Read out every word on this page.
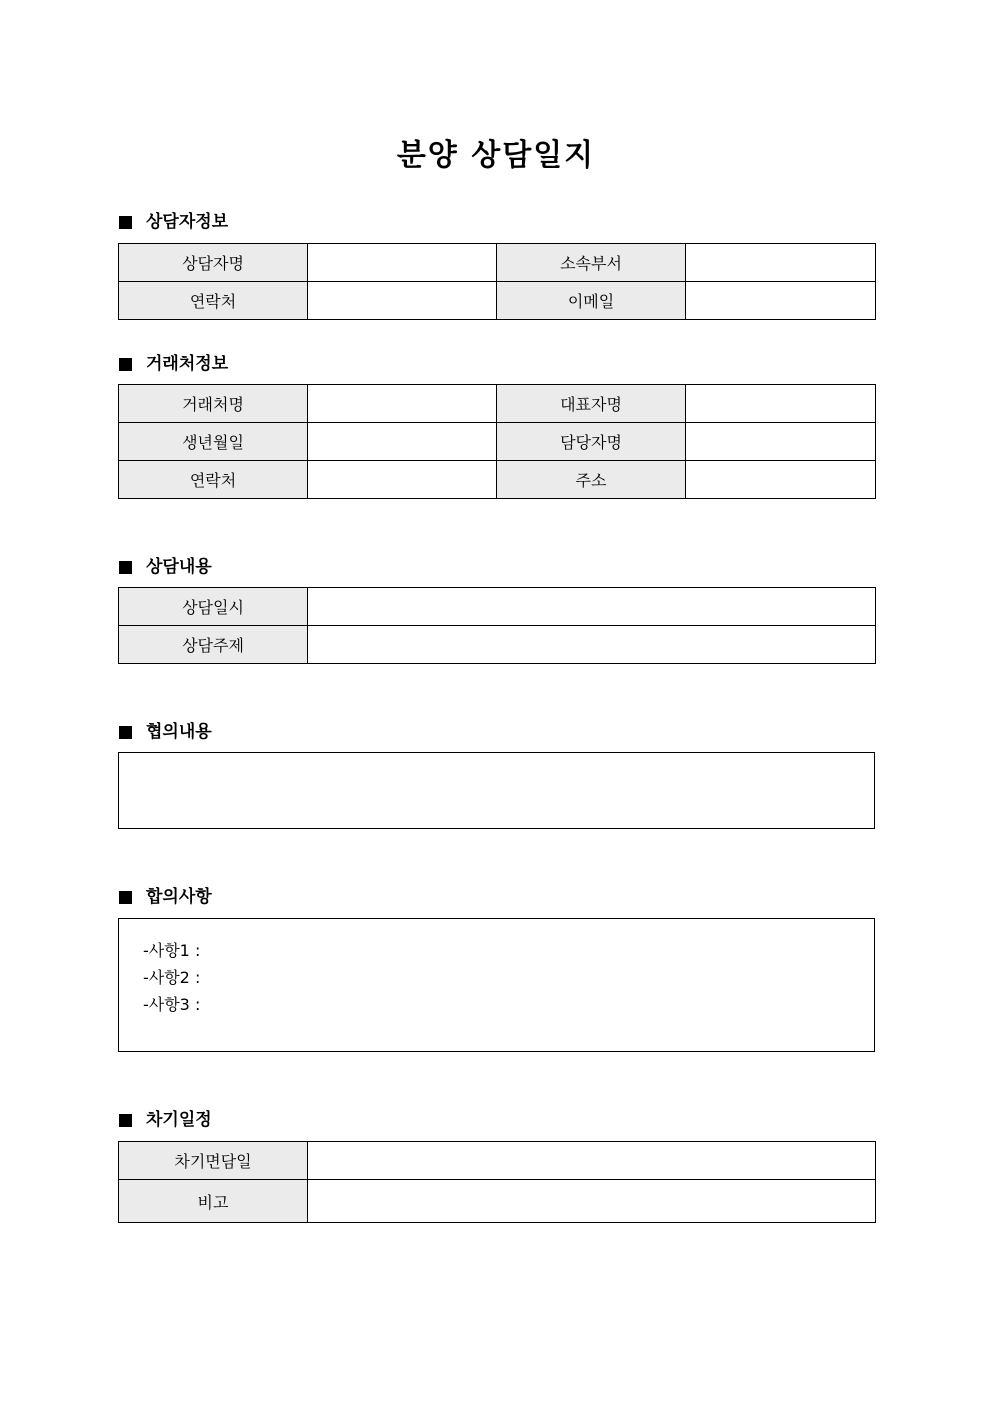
분양 상담일지
상담자정보
상담자명		소속부서	
연락처		이메일	
거래처정보
거래처명		대표자명	
생년월일		담당자명	
연락처		주소	
상담내용
상담일시	
상담주제	
협의내용
합의사항
-사항1 :
-사항2 :
-사항3 :
차기일정
차기면담일	
비고	
